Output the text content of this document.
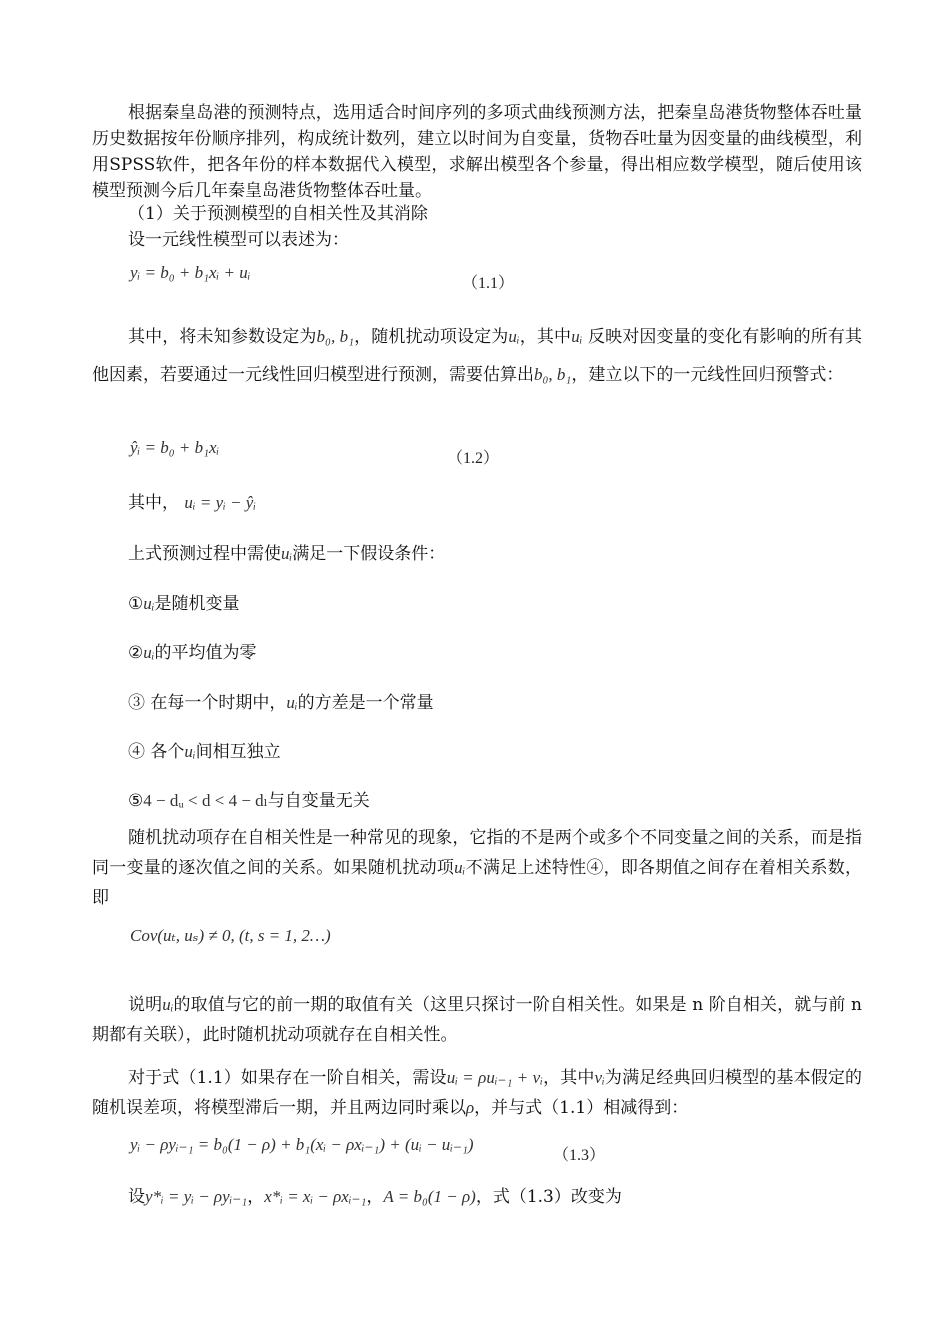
根据秦皇岛港的预测特点，选用适合时间序列的多项式曲线预测方法，把秦皇岛港货物整体吞吐量历史数据按年份顺序排列，构成统计数列，建立以时间为自变量，货物吞吐量为因变量的曲线模型，利用SPSS软件，把各年份的样本数据代入模型，求解出模型各个参量，得出相应数学模型，随后使用该模型预测今后几年秦皇岛港货物整体吞吐量。
（1）关于预测模型的自相关性及其消除
设一元线性模型可以表述为：
yᵢ = b₀ + b₁xᵢ + uᵢ
（1.1）
其中，将未知参数设定为b₀, b₁，随机扰动项设定为uᵢ，其中uᵢ 反映对因变量的变化有影响的所有其他因素，若要通过一元线性回归模型进行预测，需要估算出b₀, b₁，建立以下的一元线性回归预警式：
ŷᵢ = b₀ + b₁xᵢ
（1.2）
其中， uᵢ = yᵢ − ŷᵢ
上式预测过程中需使uᵢ满足一下假设条件：
①uᵢ是随机变量
②uᵢ的平均值为零
③ 在每一个时期中，uᵢ的方差是一个常量
④ 各个uᵢ间相互独立
⑤4 − dᵤ < d < 4 − dₗ与自变量无关
随机扰动项存在自相关性是一种常见的现象，它指的不是两个或多个不同变量之间的关系，而是指同一变量的逐次值之间的关系。如果随机扰动项uᵢ不满足上述特性④，即各期值之间存在着相关系数，即
Cov(uₜ, uₛ) ≠ 0, (t, s = 1, 2…)
说明uᵢ的取值与它的前一期的取值有关（这里只探讨一阶自相关性。如果是 n 阶自相关，就与前 n 期都有关联），此时随机扰动项就存在自相关性。
对于式（1.1）如果存在一阶自相关，需设uᵢ = ρuᵢ₋₁ + vᵢ，其中vᵢ为满足经典回归模型的基本假定的随机误差项，将模型滞后一期，并且两边同时乘以ρ，并与式（1.1）相减得到：
yᵢ − ρyᵢ₋₁ = b₀(1 − ρ) + b₁(xᵢ − ρxᵢ₋₁) + (uᵢ − uᵢ₋₁)
（1.3）
设y*ᵢ = yᵢ − ρyᵢ₋₁，x*ᵢ = xᵢ − ρxᵢ₋₁，A = b₀(1 − ρ)，式（1.3）改变为
